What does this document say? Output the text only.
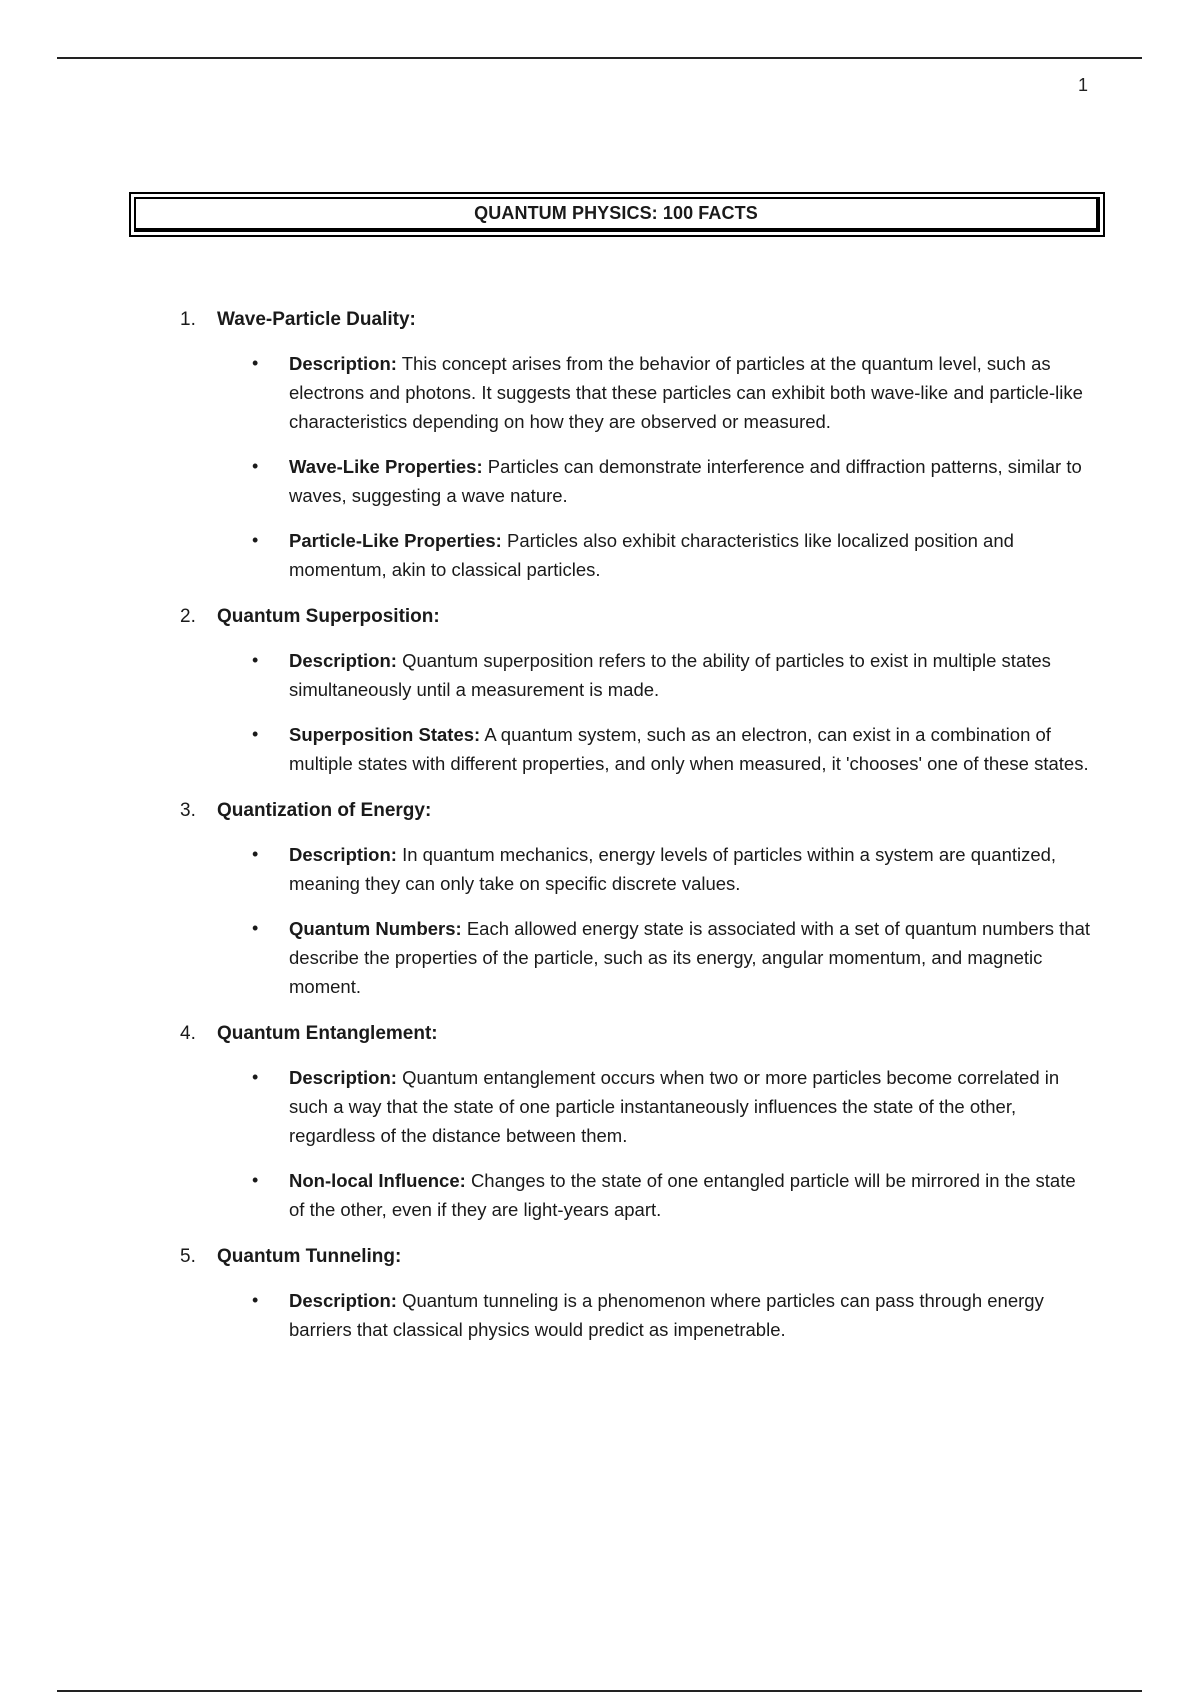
1
QUANTUM PHYSICS: 100 FACTS
1. Wave-Particle Duality:
• Description: This concept arises from the behavior of particles at the quantum level, such as electrons and photons. It suggests that these particles can exhibit both wave-like and particle-like characteristics depending on how they are observed or measured.
• Wave-Like Properties: Particles can demonstrate interference and diffraction patterns, similar to waves, suggesting a wave nature.
• Particle-Like Properties: Particles also exhibit characteristics like localized position and momentum, akin to classical particles.
2. Quantum Superposition:
• Description: Quantum superposition refers to the ability of particles to exist in multiple states simultaneously until a measurement is made.
• Superposition States: A quantum system, such as an electron, can exist in a combination of multiple states with different properties, and only when measured, it 'chooses' one of these states.
3. Quantization of Energy:
• Description: In quantum mechanics, energy levels of particles within a system are quantized, meaning they can only take on specific discrete values.
• Quantum Numbers: Each allowed energy state is associated with a set of quantum numbers that describe the properties of the particle, such as its energy, angular momentum, and magnetic moment.
4. Quantum Entanglement:
• Description: Quantum entanglement occurs when two or more particles become correlated in such a way that the state of one particle instantaneously influences the state of the other, regardless of the distance between them.
• Non-local Influence: Changes to the state of one entangled particle will be mirrored in the state of the other, even if they are light-years apart.
5. Quantum Tunneling:
• Description: Quantum tunneling is a phenomenon where particles can pass through energy barriers that classical physics would predict as impenetrable.
